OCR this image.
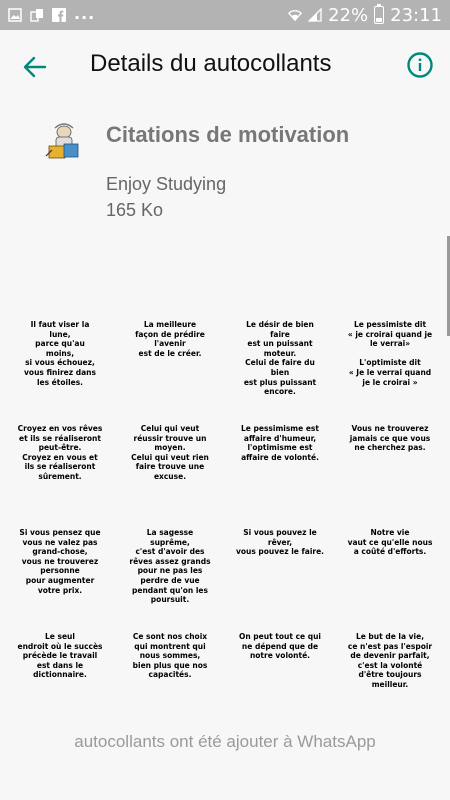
...	22% 23:11
Details du autocollants
Citations de motivation
Enjoy Studying
165 Ko
Il faut viser la
lune,
parce qu'au
moins,
si vous échouez,
vous finirez dans
les étoiles.
La meilleure
façon de prédire
l'avenir
est de le créer.
Le désir de bien
faire
est un puissant
moteur.
Celui de faire du
bien
est plus puissant
encore.
Le pessimiste dit
« je croirai quand je
le verrai»

L'optimiste dit
« Je le verrai quand
je le croirai »
Croyez en vos rêves
et ils se réaliseront
peut-être.
Croyez en vous et
ils se réaliseront
sûrement.
Celui qui veut
réussir trouve un
moyen.
Celui qui veut rien
faire trouve une
excuse.
Le pessimisme est
affaire d'humeur,
l'optimisme est
affaire de volonté.
Vous ne trouverez
jamais ce que vous
ne cherchez pas.
Si vous pensez que
vous ne valez pas
grand-chose,
vous ne trouverez
personne
pour augmenter
votre prix.
La sagesse
suprême,
c'est d'avoir des
rêves assez grands
pour ne pas les
perdre de vue
pendant qu'on les
poursuit.
Si vous pouvez le
rêver,
vous pouvez le faire.
Notre vie
vaut ce qu'elle nous
a coûté d'efforts.
Le seul
endroit où le succès
précède le travail
est dans le
dictionnaire.
Ce sont nos choix
qui montrent qui
nous sommes,
bien plus que nos
capacités.
On peut tout ce qui
ne dépend que de
notre volonté.
Le but de la vie,
ce n'est pas l'espoir
de devenir parfait,
c'est la volonté
d'être toujours
meilleur.
autocollants ont été ajouter à WhatsApp
